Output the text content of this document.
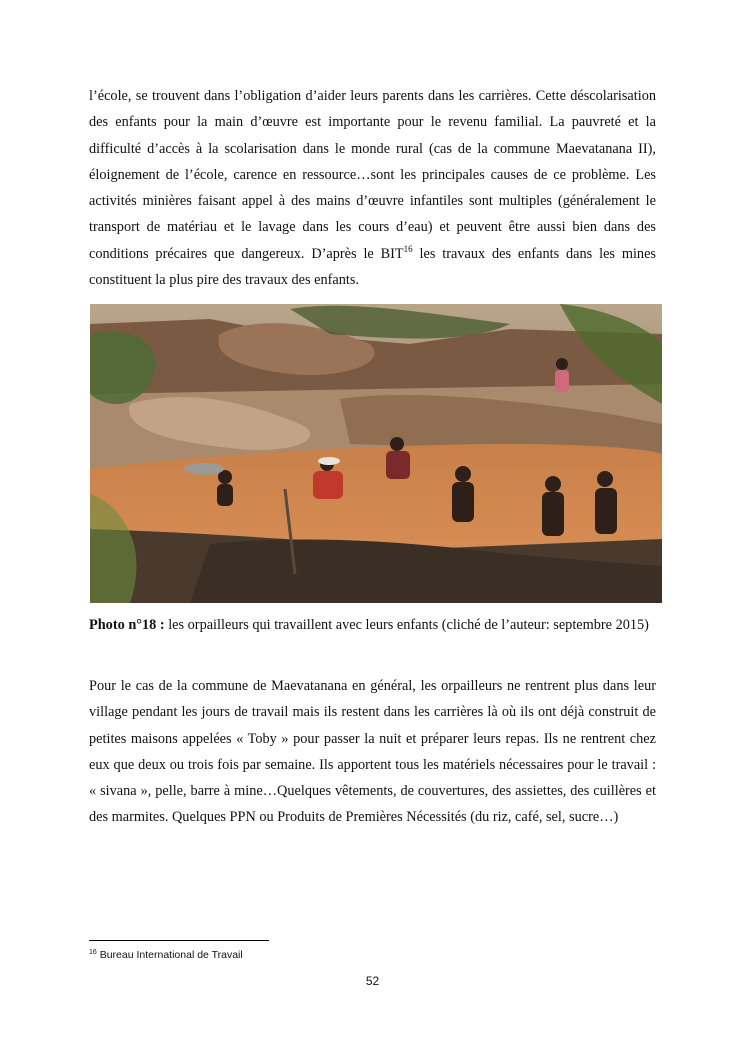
l’école, se trouvent dans l’obligation d’aider leurs parents dans les carrières. Cette déscolarisation des enfants pour la main d’œuvre est importante pour le revenu familial. La pauvreté et la difficulté d’accès à la scolarisation dans le monde rural (cas de la commune Maevatanana II), éloignement de l’école, carence en ressource…sont les principales causes de ce problème. Les activités minières faisant appel à des mains d’œuvre infantiles sont multiples (généralement le transport de matériau et le lavage dans les cours d’eau) et peuvent être aussi bien dans des conditions précaires que dangereux. D’après le BIT$^{16}$ les travaux des enfants dans les mines constituent la plus pire des travaux des enfants.

Photo n°18 : les orpailleurs qui travaillent avec leurs enfants (cliché de l’auteur: septembre 2015)

Pour le cas de la commune de Maevatanana en général, les orpailleurs ne rentrent plus dans leur village pendant les jours de travail mais ils restent dans les carrières là où ils ont déjà construit de petites maisons appelées « Toby » pour passer la nuit et préparer leurs repas. Ils ne rentrent chez eux que deux ou trois fois par semaine. Ils apportent tous les matériels nécessaires pour le travail : « sivana », pelle, barre à mine…Quelques vêtements, de couvertures, des assiettes, des cuillères et des marmites. Quelques PPN ou Produits de Premières Nécessités (du riz, café, sel, sucre…)

$^{16}$ Bureau International de Travail
52
